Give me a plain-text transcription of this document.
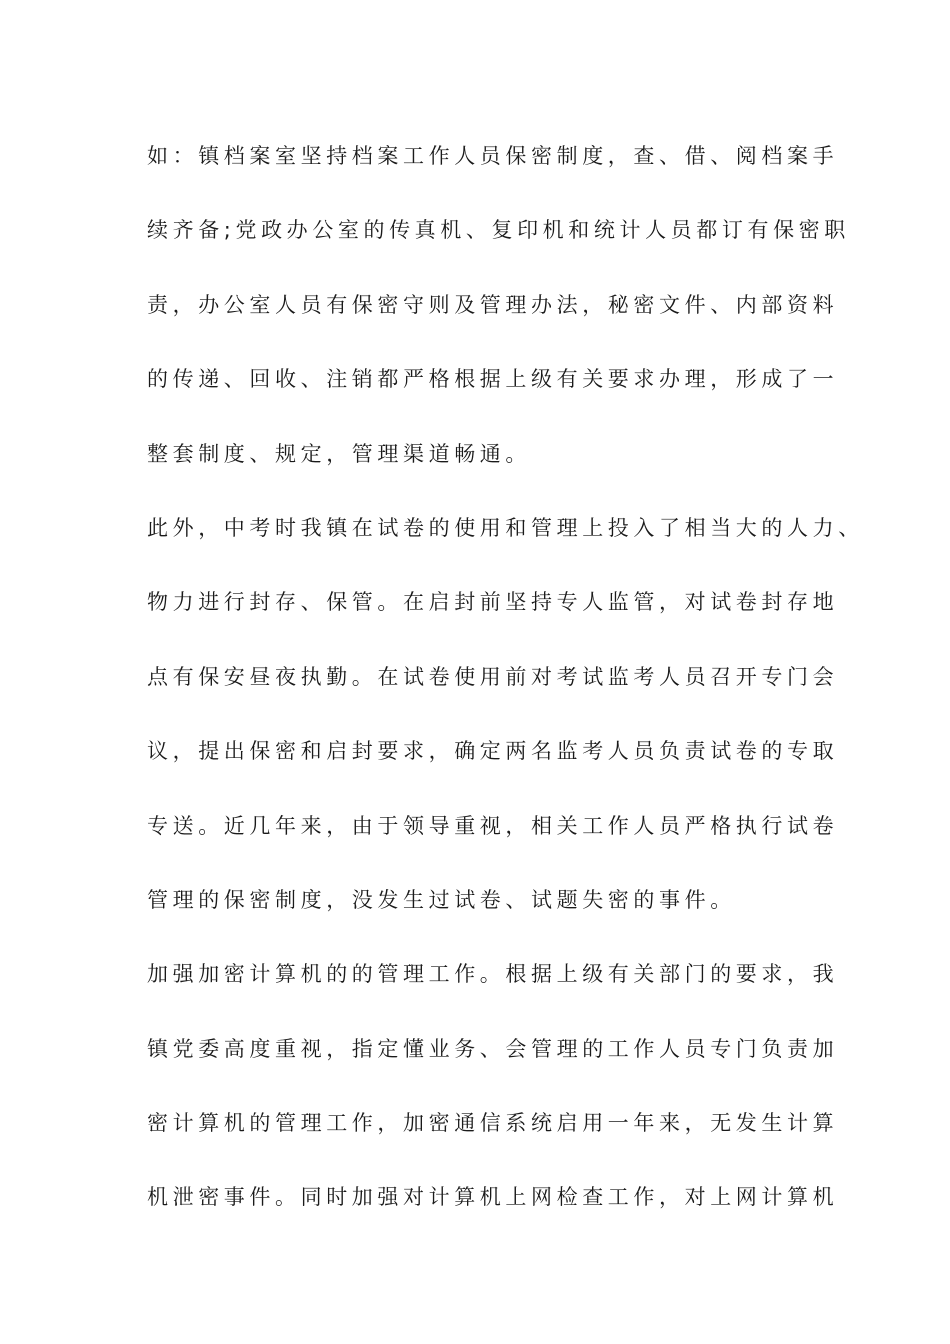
如：镇档案室坚持档案工作人员保密制度，查、借、阅档案手
续齐备;党政办公室的传真机、复印机和统计人员都订有保密职
责，办公室人员有保密守则及管理办法，秘密文件、内部资料
的传递、回收、注销都严格根据上级有关要求办理，形成了一
整套制度、规定，管理渠道畅通。
此外，中考时我镇在试卷的使用和管理上投入了相当大的人力、
物力进行封存、保管。在启封前坚持专人监管，对试卷封存地
点有保安昼夜执勤。在试卷使用前对考试监考人员召开专门会
议，提出保密和启封要求，确定两名监考人员负责试卷的专取
专送。近几年来，由于领导重视，相关工作人员严格执行试卷
管理的保密制度，没发生过试卷、试题失密的事件。
加强加密计算机的的管理工作。根据上级有关部门的要求，我
镇党委高度重视，指定懂业务、会管理的工作人员专门负责加
密计算机的管理工作，加密通信系统启用一年来，无发生计算
机泄密事件。同时加强对计算机上网检查工作，对上网计算机
